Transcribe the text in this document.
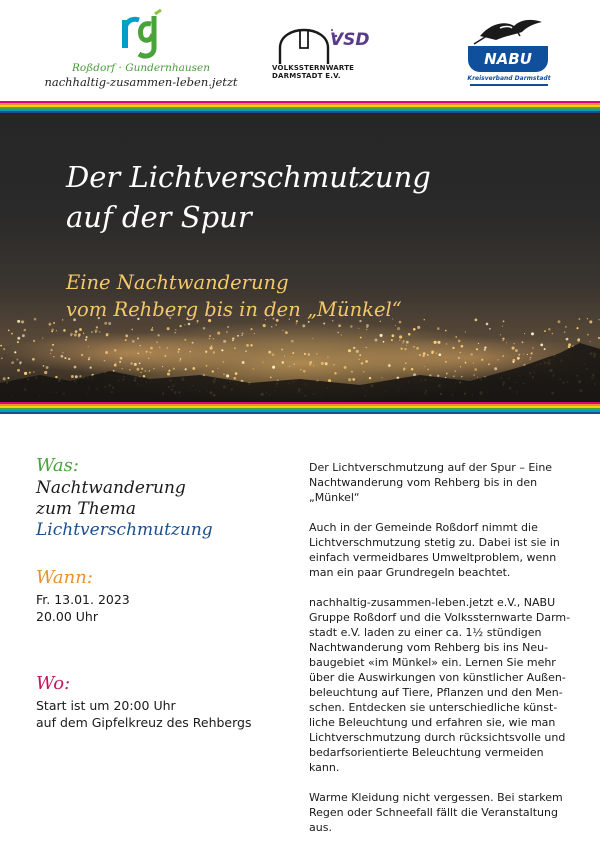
Roßdorf · Gundernhausen
nachhaltig-zusammen-leben.jetzt
VSD
VOLKSSTERNWARTE
DARMSTADT E.V.
NABU
Kreisverband Darmstadt
Der Lichtverschmutzung
auf der Spur
Eine Nachtwanderung
vom Rehberg bis in den „Münkel“
Was:
Nachtwanderung
zum Thema
Lichtverschmutzung
Wann:
Fr. 13.01. 2023
20.00 Uhr
Wo:
Start ist um 20:00 Uhr
auf dem Gipfelkreuz des Rehbergs

Der Lichtverschmutzung auf der Spur – Eine Nachtwanderung vom Rehberg bis in den „Münkel“

Auch in der Gemeinde Roßdorf nimmt die Lichtverschmutzung stetig zu. Dabei ist sie in einfach vermeidbares Umweltproblem, wenn man ein paar Grundregeln beachtet.

nachhaltig-zusammen-leben.jetzt e.V., NABU Gruppe Roßdorf und die Volkssternwarte Darmstadt e.V. laden zu einer ca. 1½ stündigen Nachtwanderung vom Rehberg bis ins Neubaugebiet «im Münkel» ein. Lernen Sie mehr über die Auswirkungen von künstlicher Außenbeleuchtung auf Tiere, Pflanzen und den Menschen. Entdecken sie unterschiedliche künstliche Beleuchtung und erfahren sie, wie man Lichtverschmutzung durch rücksichtsvolle und bedarfsorientierte Beleuchtung vermeiden kann.

Warme Kleidung nicht vergessen. Bei starkem Regen oder Schneefall fällt die Veranstaltung aus.
